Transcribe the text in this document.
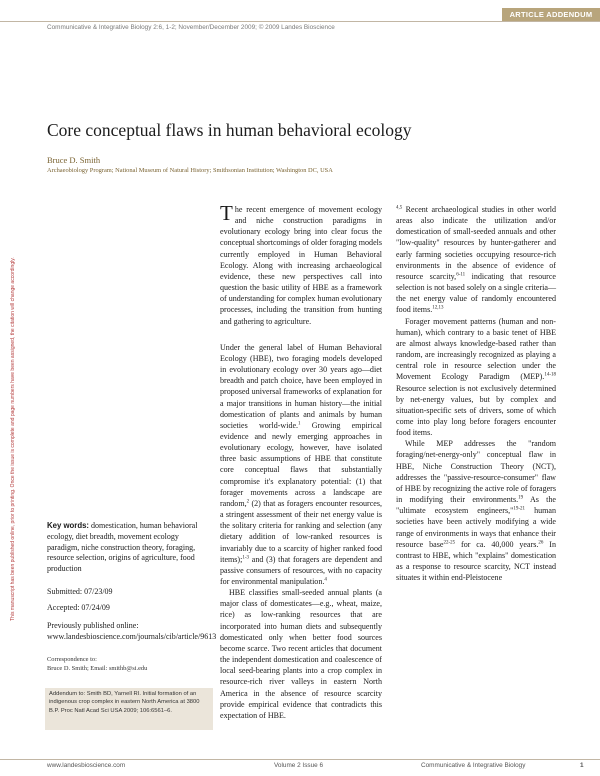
ARTICLE ADDENDUM
Communicative & Integrative Biology 2:6, 1-2; November/December 2009; © 2009 Landes Bioscience
This manuscript has been published online, prior to printing. Once the issue is complete and page numbers have been assigned, the citation will change accordingly.
Core conceptual flaws in human behavioral ecology
Bruce D. Smith
Archaeobiology Program; National Museum of Natural History; Smithsonian Institution; Washington DC, USA
Key words: domestication, human behavioral ecology, diet breadth, movement ecology paradigm, niche construction theory, foraging, resource selection, origins of agriculture, food production
Submitted: 07/23/09
Accepted: 07/24/09
Previously published online:
www.landesbioscience.com/journals/cib/article/9613
Correspondence to:
Bruce D. Smith; Email: smithb@si.edu
Addendum to: Smith BD, Yarnell RI. Initial formation of an indigenous crop complex in eastern North America at 3800 B.P. Proc Natl Acad Sci USA 2009; 106:6561–6.

The recent emergence of movement ecology and niche construction paradigms in evolutionary ecology bring into clear focus the conceptual shortcomings of older foraging models currently employed in Human Behavioral Ecology. Along with increasing archaeological evidence, these new perspectives call into question the basic utility of HBE as a framework of understanding for complex human evolutionary processes, including the transition from hunting and gathering to agriculture.

Under the general label of Human Behavioral Ecology (HBE), two foraging models developed in evolutionary ecology over 30 years ago—diet breadth and patch choice, have been employed in proposed universal frameworks of explanation for a major transitions in human history—the initial domestication of plants and animals by human societies world-wide.$^1$ Growing empirical evidence and newly emerging approaches in evolutionary ecology, however, have isolated three basic assumptions of HBE that constitute core conceptual flaws that substantially compromise it's explanatory potential: (1) that forager movements across a landscape are random,$^2$ (2) that as foragers encounter resources, a stringent assessment of their net energy value is the solitary criteria for ranking and selection (any dietary addition of low-ranked resources is invariably due to a scarcity of higher ranked food items);$^{1-3}$ and (3) that foragers are dependent and passive consumers of resources, with no capacity for environmental manipulation.$^4$

HBE classifies small-seeded annual plants (a major class of domesticates—e.g., wheat, maize, rice) as low-ranking resources that are incorporated into human diets and subsequently domesticated only when better food sources become scarce. Two recent articles that document the independent domestication and coalescence of local seed-bearing plants into a crop complex in resource-rich river valleys in eastern North America in the absence of resource scarcity provide empirical evidence that contradicts this expectation of HBE.

$^{4,5}$ Recent archaeological studies in other world areas also indicate the utilization and/or domestication of small-seeded annuals and other "low-quality" resources by hunter-gatherer and early farming societies occupying resource-rich environments in the absence of evidence of resource scarcity,$^{6-11}$ indicating that resource selection is not based solely on a single criteria—the net energy value of randomly encountered food items.$^{12,13}$

Forager movement patterns (human and non-human), which contrary to a basic tenet of HBE are almost always knowledge-based rather than random, are increasingly recognized as playing a central role in resource selection under the Movement Ecology Paradigm (MEP).$^{14-18}$ Resource selection is not exclusively determined by net-energy values, but by complex and situation-specific sets of drivers, some of which come into play long before foragers encounter food items.

While MEP addresses the "random foraging/net-energy-only" conceptual flaw in HBE, Niche Construction Theory (NCT), addresses the "passive-resource-consumer" flaw of HBE by recognizing the active role of foragers in modifying their environments.$^{19}$ As the "ultimate ecosystem engineers,"$^{19-21}$ human societies have been actively modifying a wide range of environments in ways that enhance their resource base$^{22-25}$ for ca. 40,000 years.$^{26}$ In contrast to HBE, which "explains" domestication as a response to resource scarcity, NCT instead situates it within end-Pleistocene

www.landesbioscience.com	Volume 2 Issue 6	Communicative & Integrative Biology	1
